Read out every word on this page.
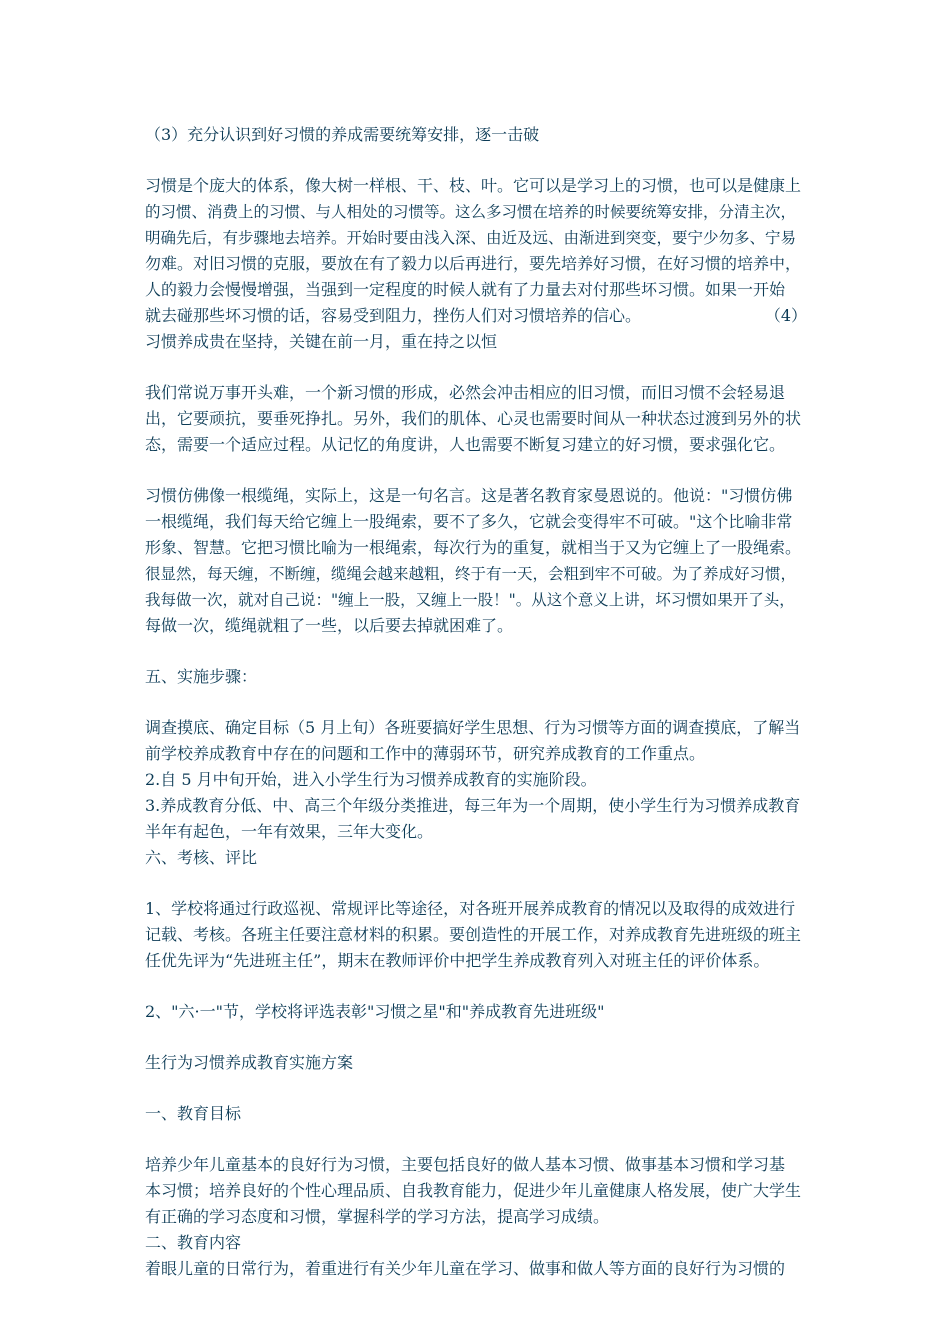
（3）充分认识到好习惯的养成需要统筹安排，逐一击破

习惯是个庞大的体系，像大树一样根、干、枝、叶。它可以是学习上的习惯，也可以是健康上

的习惯、消费上的习惯、与人相处的习惯等。这么多习惯在培养的时候要统筹安排，分清主次，

明确先后，有步骤地去培养。开始时要由浅入深、由近及远、由渐进到突变，要宁少勿多、宁易

勿难。对旧习惯的克服，要放在有了毅力以后再进行，要先培养好习惯，在好习惯的培养中，

人的毅力会慢慢增强，当强到一定程度的时候人就有了力量去对付那些坏习惯。如果一开始

就去碰那些坏习惯的话，容易受到阻力，挫伤人们对习惯培养的信心。	（4）

习惯养成贵在坚持，关键在前一月，重在持之以恒

我们常说万事开头难，一个新习惯的形成，必然会冲击相应的旧习惯，而旧习惯不会轻易退

出，它要顽抗，要垂死挣扎。另外，我们的肌体、心灵也需要时间从一种状态过渡到另外的状

态，需要一个适应过程。从记忆的角度讲，人也需要不断复习建立的好习惯，要求强化它。

习惯仿佛像一根缆绳，实际上，这是一句名言。这是著名教育家曼恩说的。他说："习惯仿佛

一根缆绳，我们每天给它缠上一股绳索，要不了多久，它就会变得牢不可破。"这个比喻非常

形象、智慧。它把习惯比喻为一根绳索，每次行为的重复，就相当于又为它缠上了一股绳索。

很显然，每天缠，不断缠，缆绳会越来越粗，终于有一天，会粗到牢不可破。为了养成好习惯，

我每做一次，就对自己说："缠上一股，又缠上一股！"。从这个意义上讲，坏习惯如果开了头，

每做一次，缆绳就粗了一些，以后要去掉就困难了。

五、实施步骤：

调查摸底、确定目标（5 月上旬）各班要搞好学生思想、行为习惯等方面的调查摸底，了解当

前学校养成教育中存在的问题和工作中的薄弱环节，研究养成教育的工作重点。

2.自 5 月中旬开始，进入小学生行为习惯养成教育的实施阶段。

3.养成教育分低、中、高三个年级分类推进，每三年为一个周期，使小学生行为习惯养成教育

半年有起色，一年有效果，三年大变化。

六、考核、评比

1、学校将通过行政巡视、常规评比等途径，对各班开展养成教育的情况以及取得的成效进行

记载、考核。各班主任要注意材料的积累。要创造性的开展工作，对养成教育先进班级的班主

任优先评为“先进班主任”，期末在教师评价中把学生养成教育列入对班主任的评价体系。

2、"六·一"节，学校将评选表彰"习惯之星"和"养成教育先进班级"

生行为习惯养成教育实施方案

一、教育目标

培养少年儿童基本的良好行为习惯，主要包括良好的做人基本习惯、做事基本习惯和学习基

本习惯；培养良好的个性心理品质、自我教育能力，促进少年儿童健康人格发展，使广大学生

有正确的学习态度和习惯，掌握科学的学习方法，提高学习成绩。

二、教育内容

着眼儿童的日常行为，着重进行有关少年儿童在学习、做事和做人等方面的良好行为习惯的
